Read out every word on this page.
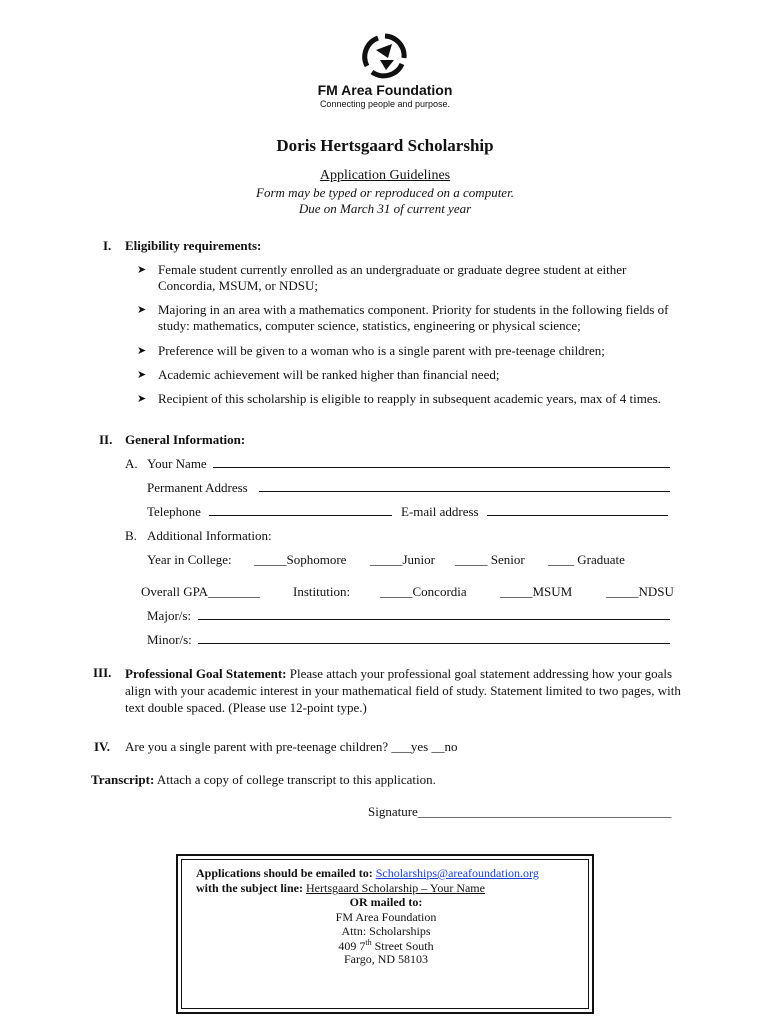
FM Area Foundation
Connecting people and purpose.
Doris Hertsgaard Scholarship
Application Guidelines
Form may be typed or reproduced on a computer.
Due on March 31 of current year
I. Eligibility requirements:
➤ Female student currently enrolled as an undergraduate or graduate degree student at either Concordia, MSUM, or NDSU;
➤ Majoring in an area with a mathematics component. Priority for students in the following fields of study: mathematics, computer science, statistics, engineering or physical science;
➤ Preference will be given to a woman who is a single parent with pre-teenage children;
➤ Academic achievement will be ranked higher than financial need;
➤ Recipient of this scholarship is eligible to reapply in subsequent academic years, max of 4 times.
II. General Information:
A. Your Name
Permanent Address
Telephone	E-mail address
B. Additional Information:
Year in College: _____Sophomore _____Junior _____ Senior ____ Graduate
Overall GPA________	Institution: _____Concordia	_____MSUM	_____NDSU
Major/s:
Minor/s:
III. Professional Goal Statement: Please attach your professional goal statement addressing how your goals align with your academic interest in your mathematical field of study. Statement limited to two pages, with text double spaced. (Please use 12-point type.)
IV. Are you a single parent with pre-teenage children? ___yes __no
Transcript: Attach a copy of college transcript to this application.
Signature_______________________________________
Applications should be emailed to: Scholarships@areafoundation.org
with the subject line: Hertsgaard Scholarship – Your Name
OR mailed to:
FM Area Foundation
Attn: Scholarships
409 7th Street South
Fargo, ND 58103
